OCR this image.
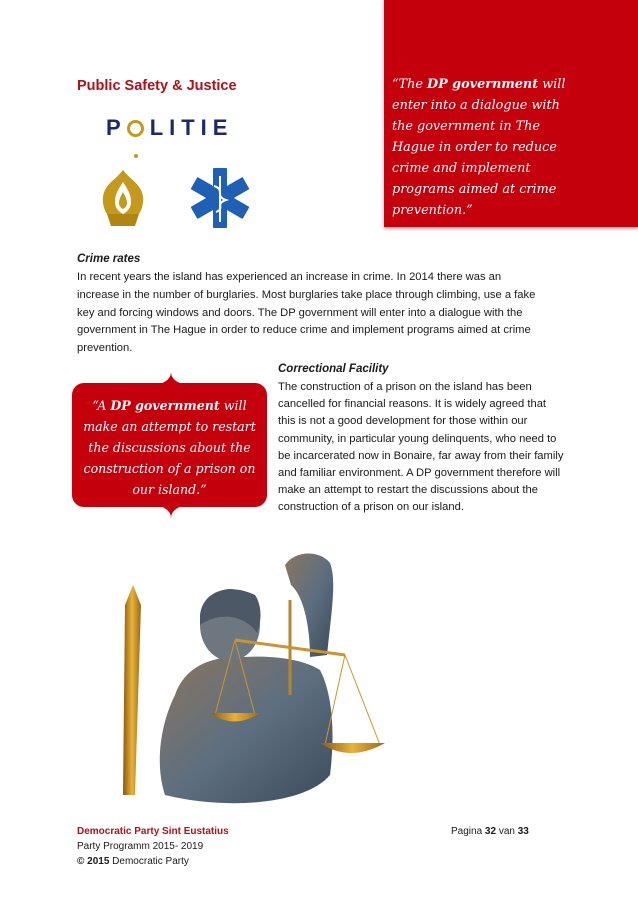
Public Safety & Justice	“The DP government will enter into a dialogue with the government in The Hague in order to reduce crime and implement programs aimed at crime prevention.”
P LITIE
Crime rates
In recent years the island has experienced an increase in crime. In 2014 there was an increase in the number of burglaries. Most burglaries take place through climbing, use a fake key and forcing windows and doors. The DP government will enter into a dialogue with the government in The Hague in order to reduce crime and implement programs aimed at crime prevention.
“A DP government will make an attempt to restart the discussions about the construction of a prison on our island.”
Correctional Facility
The construction of a prison on the island has been cancelled for financial reasons. It is widely agreed that this is not a good development for those within our community, in particular young delinquents, who need to be incarcerated now in Bonaire, far away from their family and familiar environment. A DP government therefore will make an attempt to restart the discussions about the construction of a prison on our island.
Democratic Party Sint Eustatius	Pagina 32 van 33
Party Programm 2015- 2019
© 2015 Democratic Party
